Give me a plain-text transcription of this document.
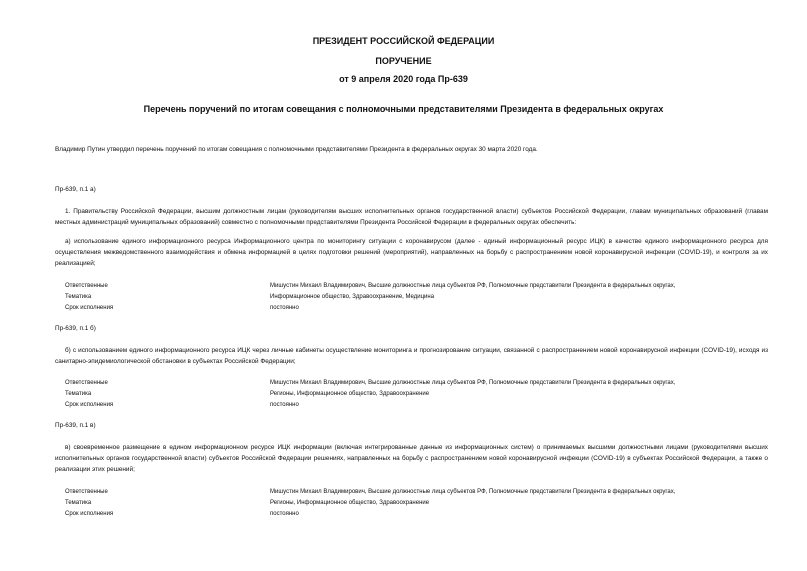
ПРЕЗИДЕНТ РОССИЙСКОЙ ФЕДЕРАЦИИ
ПОРУЧЕНИЕ
от 9 апреля 2020 года Пр-639
Перечень поручений по итогам совещания с полномочными представителями Президента в федеральных округах
Владимир Путин утвердил перечень поручений по итогам совещания с полномочными представителями Президента в федеральных округах 30 марта 2020 года.
Пр-639, п.1 а)
1. Правительству Российской Федерации, высшим должностным лицам (руководителям высших исполнительных органов государственной власти) субъектов Российской Федерации, главам муниципальных образований (главам местных администраций муниципальных образований) совместно с полномочными представителями Президента Российской Федерации в федеральных округах обеспечить:
а) использование единого информационного ресурса Информационного центра по мониторингу ситуации с коронавирусом (далее - единый информационный ресурс ИЦК) в качестве единого информационного ресурса для осуществления межведомственного взаимодействия и обмена информацией в целях подготовки решений (мероприятий), направленных на борьбу с распространением новой коронавирусной инфекции (COVID-19), и контроля за их реализацией;
Ответственные	Мишустин Михаил Владимирович, Высшие должностные лица субъектов РФ, Полномочные представители Президента в федеральных округах,
Тематика	Информационное общество, Здравоохранение, Медицина
Срок исполнения	постоянно
Пр-639, п.1 б)
б) с использованием единого информационного ресурса ИЦК через личные кабинеты осуществление мониторинга и прогнозирование ситуации, связанной с распространением новой коронавирусной инфекции (COVID-19), исходя из санитарно-эпидемиологической обстановки в субъектах Российской Федерации;
Ответственные	Мишустин Михаил Владимирович, Высшие должностные лица субъектов РФ, Полномочные представители Президента в федеральных округах,
Тематика	Регионы, Информационное общество, Здравоохранение
Срок исполнения	постоянно
Пр-639, п.1 в)
в) своевременное размещение в едином информационном ресурсе ИЦК информации (включая интегрированные данные из информационных систем) о принимаемых высшими должностными лицами (руководителями высших исполнительных органов государственной власти) субъектов Российской Федерации решениях, направленных на борьбу с распространением новой коронавирусной инфекции (COVID-19) в субъектах Российской Федерации, а также о реализации этих решений;
Ответственные	Мишустин Михаил Владимирович, Высшие должностные лица субъектов РФ, Полномочные представители Президента в федеральных округах,
Тематика	Регионы, Информационное общество, Здравоохранение
Срок исполнения	постоянно
